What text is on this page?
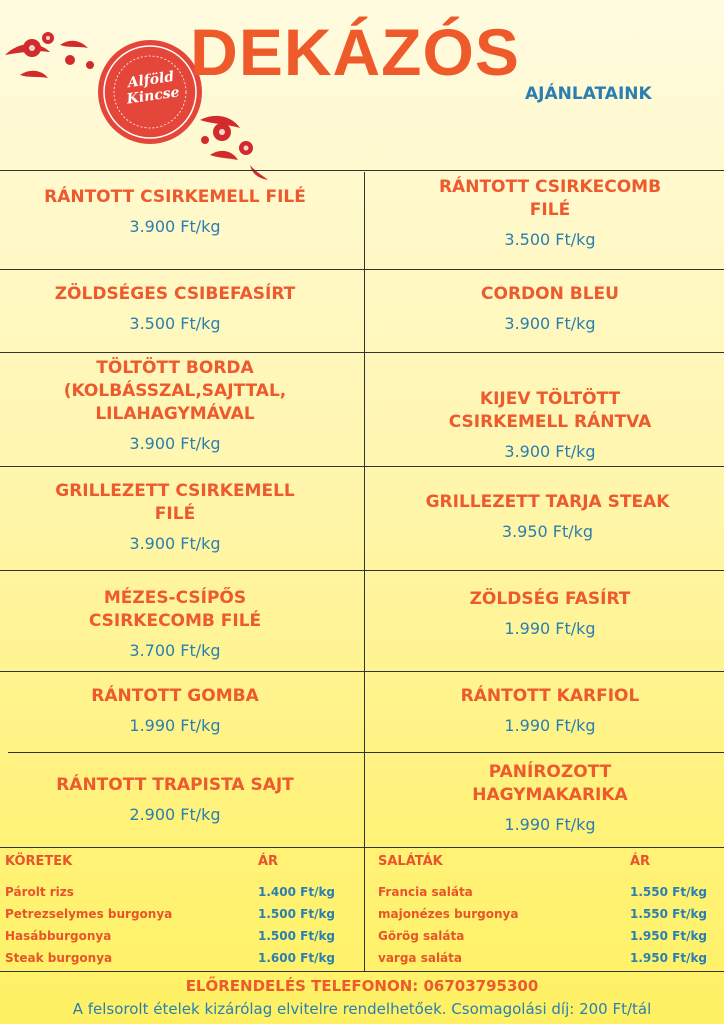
Alföld Kincse
DEKÁZÓS
AJÁNLATAINK
RÁNTOTT CSIRKEMELL FILÉ
3.900 Ft/kg
RÁNTOTT CSIRKECOMB FILÉ
3.500 Ft/kg
ZÖLDSÉGES CSIBEFASÍRT
3.500 Ft/kg
CORDON BLEU
3.900 Ft/kg
TÖLTÖTT BORDA (KOLBÁSSZAL,SAJTTAL, LILAHAGYMÁVAL
3.900 Ft/kg
KIJEV TÖLTÖTT CSIRKEMELL RÁNTVA
3.900 Ft/kg
GRILLEZETT CSIRKEMELL FILÉ
3.900 Ft/kg
GRILLEZETT TARJA STEAK
3.950 Ft/kg
MÉZES-CSÍPŐS CSIRKECOMB FILÉ
3.700 Ft/kg
ZÖLDSÉG FASÍRT
1.990 Ft/kg
RÁNTOTT GOMBA
1.990 Ft/kg
RÁNTOTT KARFIOL
1.990 Ft/kg
RÁNTOTT TRAPISTA SAJT
2.900 Ft/kg
PANÍROZOTT HAGYMAKARIKA
1.990 Ft/kg
KÖRETEK	ÁR
Párolt rizs	1.400 Ft/kg
Petrezselymes burgonya	1.500 Ft/kg
Hasábburgonya	1.500 Ft/kg
Steak burgonya	1.600 Ft/kg
SALÁTÁK	ÁR
Francia saláta	1.550 Ft/kg
majonézes burgonya	1.550 Ft/kg
Görög saláta	1.950 Ft/kg
varga saláta	1.950 Ft/kg
ELŐRENDELÉS TELEFONON: 06703795300
A felsorolt ételek kizárólag elvitelre rendelhetőek. Csomagolási díj: 200 Ft/tál
